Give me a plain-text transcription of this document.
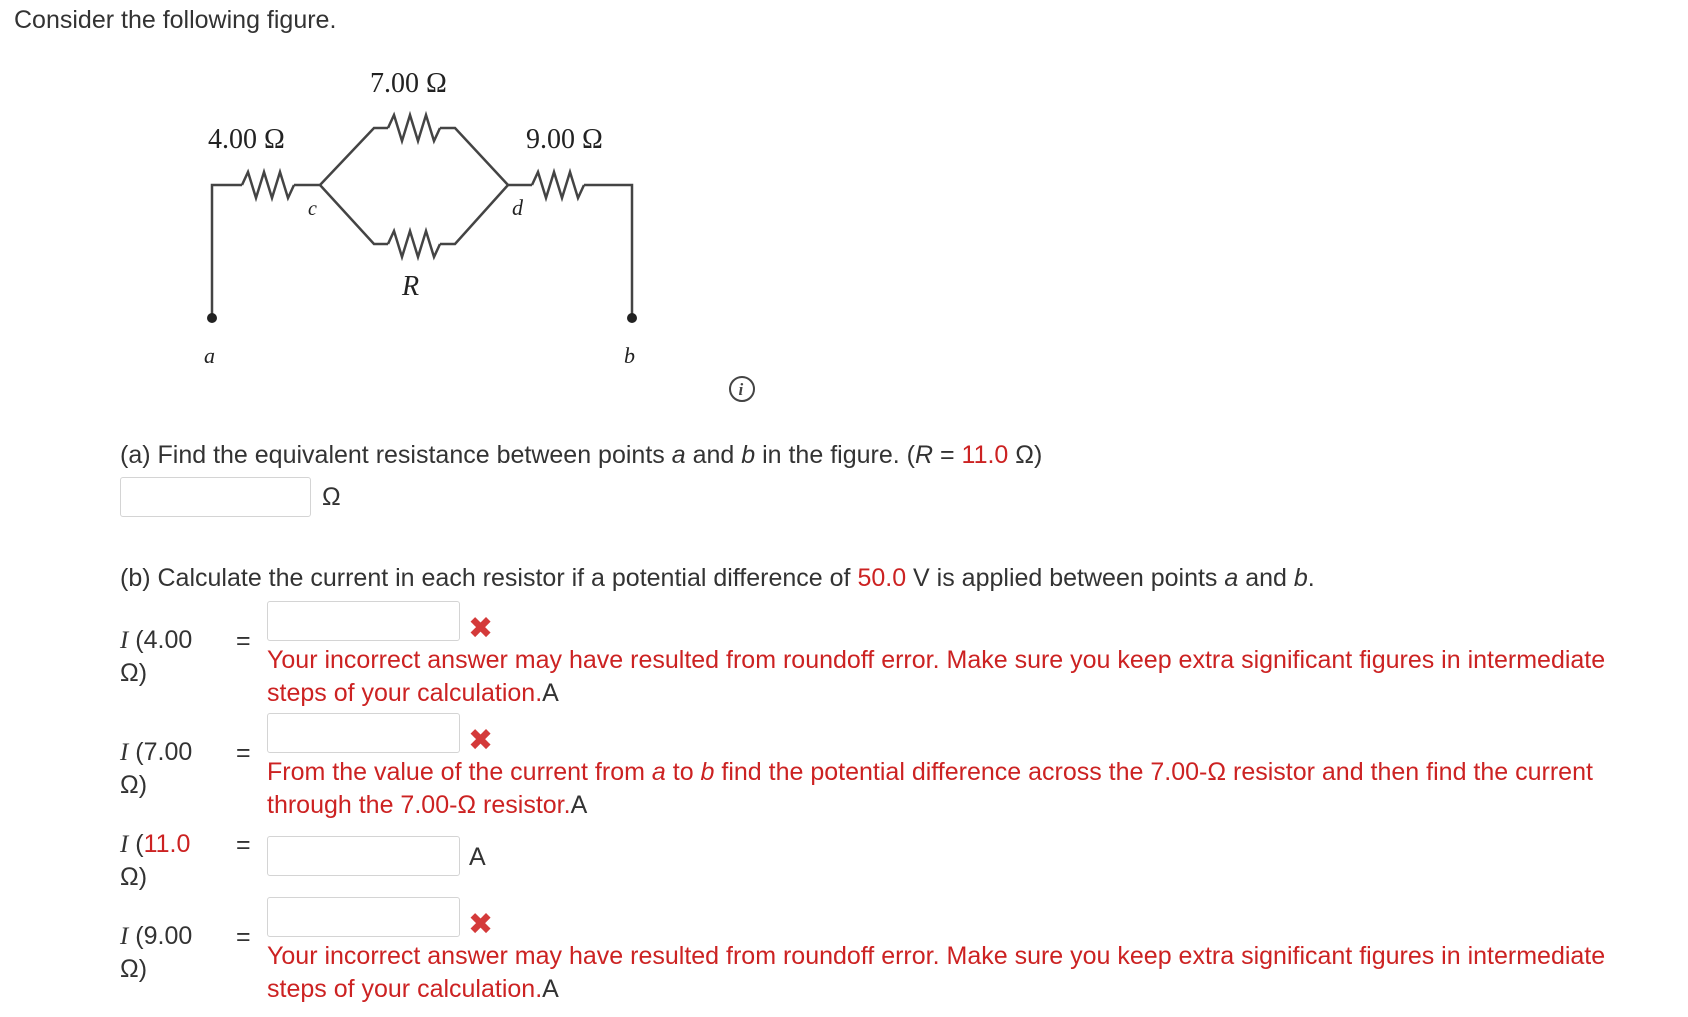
Consider the following figure.
7.00 Ω
4.00 Ω	9.00 Ω
R
c	d
a	b
i
(a) Find the equivalent resistance between points a and b in the figure. (R = 11.0 Ω)
Ω
(b) Calculate the current in each resistor if a potential difference of 50.0 V is applied between points a and b.
I (4.00
Ω)
=	✖
Your incorrect answer may have resulted from roundoff error. Make sure you keep extra significant figures in intermediate steps of your calculation.A
I (7.00
Ω)
=	✖
From the value of the current from a to b find the potential difference across the 7.00-Ω resistor and then find the current through the 7.00-Ω resistor.A
I (11.0
Ω)
=	A
I (9.00
Ω)
=	✖
Your incorrect answer may have resulted from roundoff error. Make sure you keep extra significant figures in intermediate steps of your calculation.A
